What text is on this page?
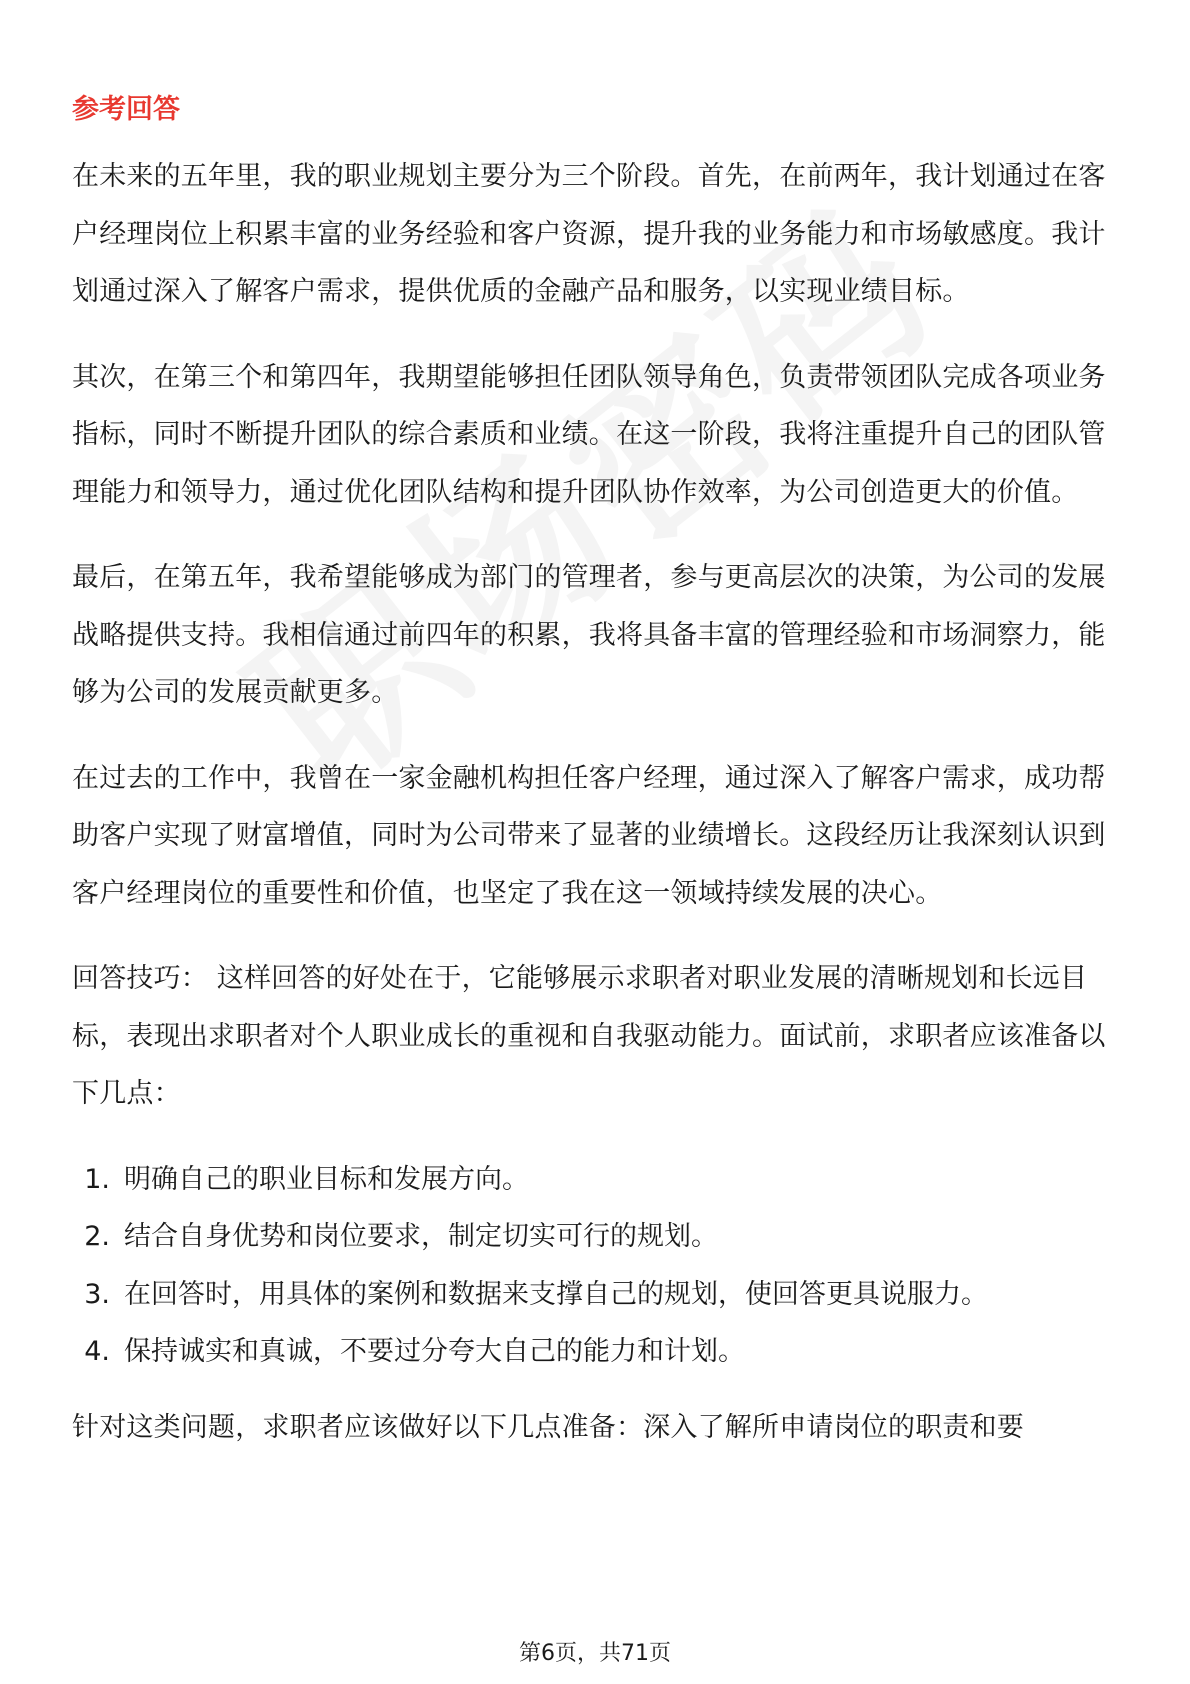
参考回答

在未来的五年里，我的职业规划主要分为三个阶段。首先，在前两年，我计划通过在客户经理岗位上积累丰富的业务经验和客户资源，提升我的业务能力和市场敏感度。我计划通过深入了解客户需求，提供优质的金融产品和服务，以实现业绩目标。

其次，在第三个和第四年，我期望能够担任团队领导角色，负责带领团队完成各项业务指标，同时不断提升团队的综合素质和业绩。在这一阶段，我将注重提升自己的团队管理能力和领导力，通过优化团队结构和提升团队协作效率，为公司创造更大的价值。

最后，在第五年，我希望能够成为部门的管理者，参与更高层次的决策，为公司的发展战略提供支持。我相信通过前四年的积累，我将具备丰富的管理经验和市场洞察力，能够为公司的发展贡献更多。

在过去的工作中，我曾在一家金融机构担任客户经理，通过深入了解客户需求，成功帮助客户实现了财富增值，同时为公司带来了显著的业绩增长。这段经历让我深刻认识到客户经理岗位的重要性和价值，也坚定了我在这一领域持续发展的决心。

回答技巧： 这样回答的好处在于，它能够展示求职者对职业发展的清晰规划和长远目标，表现出求职者对个人职业成长的重视和自我驱动能力。面试前，求职者应该准备以下几点：

1. 明确自己的职业目标和发展方向。
2. 结合自身优势和岗位要求，制定切实可行的规划。
3. 在回答时，用具体的案例和数据来支撑自己的规划，使回答更具说服力。
4. 保持诚实和真诚，不要过分夸大自己的能力和计划。

针对这类问题，求职者应该做好以下几点准备：深入了解所申请岗位的职责和要

第6页，共71页
